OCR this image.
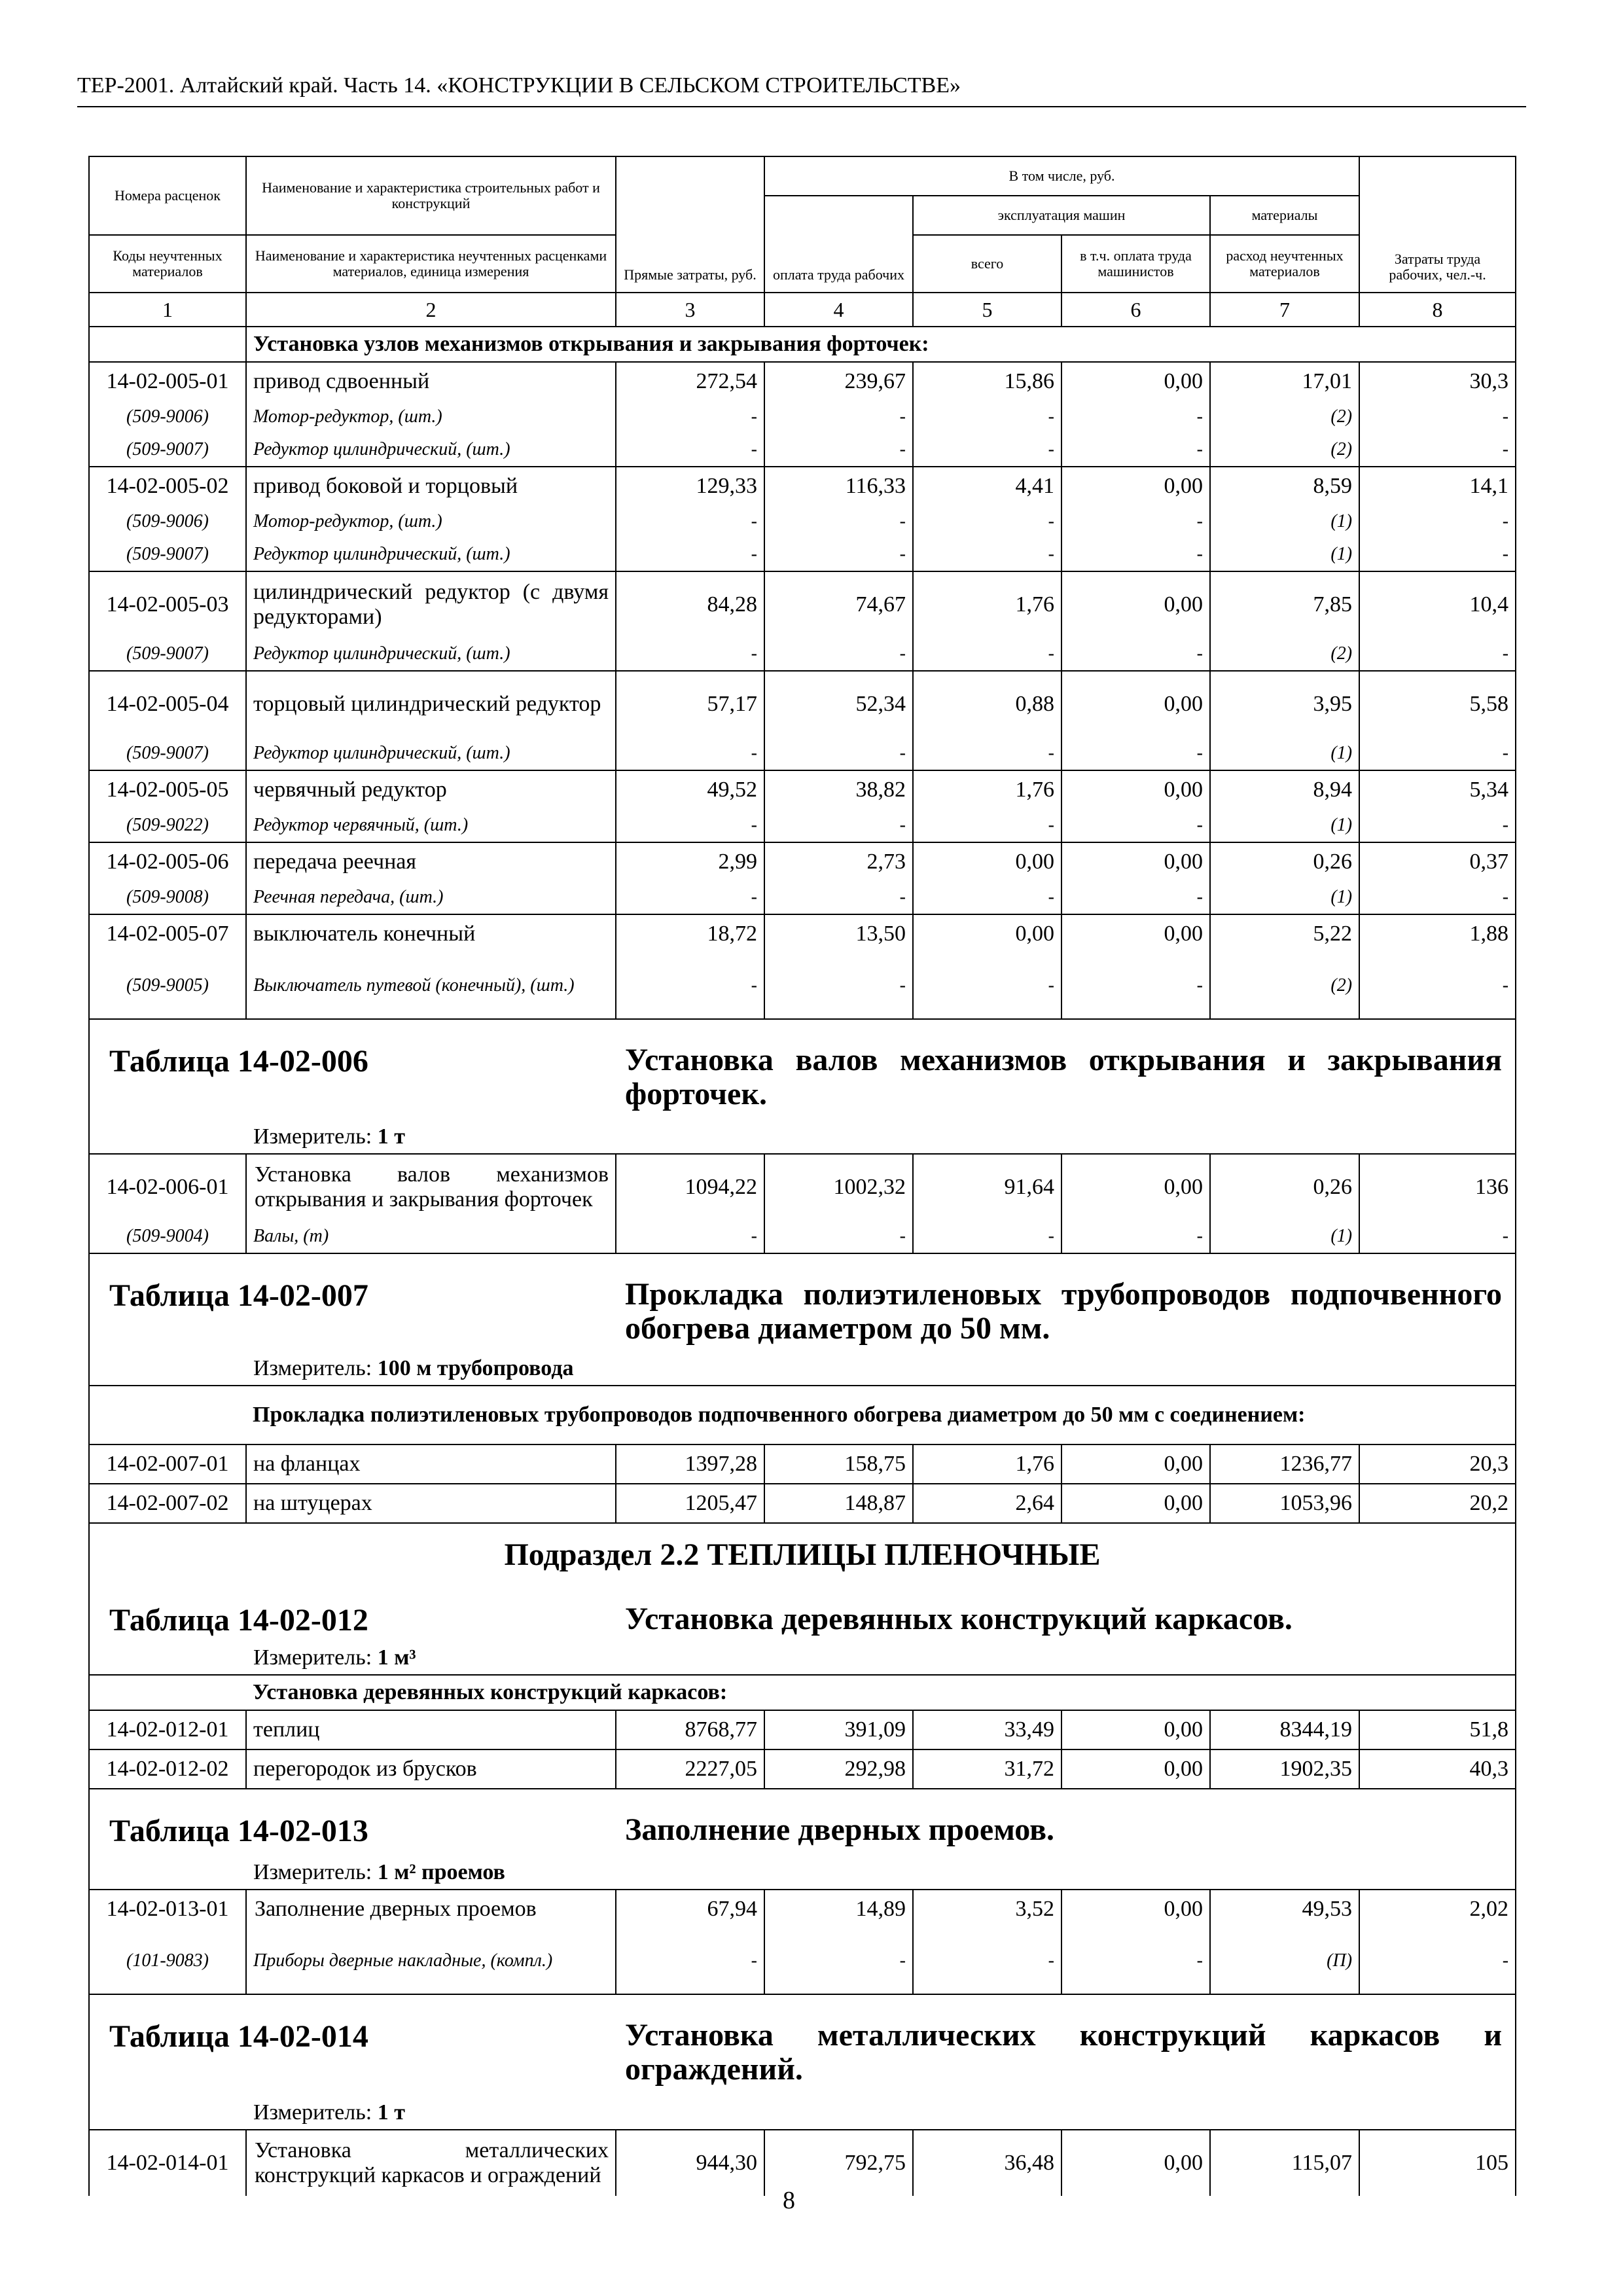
ТЕР-2001. Алтайский край. Часть 14. «КОНСТРУКЦИИ В СЕЛЬСКОМ СТРОИТЕЛЬСТВЕ»
Номера расценок	Наименование и характеристика строительных работ и конструкций	Прямые затраты, руб.	В том числе, руб.				Затраты труда рабочих, чел.-ч.
			оплата труда рабочих	эксплуатация машин		материалы	
Коды неучтенных материалов	Наименование и характеристика неучтенных расценками материалов, единица измерения			всего	в т.ч. оплата труда машинистов	расход неучтенных материалов	

1	2	3	4	5	6	7	8
	Установка узлов механизмов открывания и закрывания форточек:						
14-02-005-01	привод сдвоенный	272,54	239,67	15,86	0,00	17,01	30,3
(509-9006)	Мотор-редуктор, (шт.)	-	-	-	-	(2)	-
(509-9007)	Редуктор цилиндрический, (шт.)	-	-	-	-	(2)	-
14-02-005-02	привод боковой и торцовый	129,33	116,33	4,41	0,00	8,59	14,1
(509-9006)	Мотор-редуктор, (шт.)	-	-	-	-	(1)	-
(509-9007)	Редуктор цилиндрический, (шт.)	-	-	-	-	(1)	-
14-02-005-03	цилиндрический редуктор (с двумя редукторами)	84,28	74,67	1,76	0,00	7,85	10,4
(509-9007)	Редуктор цилиндрический, (шт.)	-	-	-	-	(2)	-
14-02-005-04	торцовый цилиндрический редуктор	57,17	52,34	0,88	0,00	3,95	5,58
(509-9007)	Редуктор цилиндрический, (шт.)	-	-	-	-	(1)	-
14-02-005-05	червячный редуктор	49,52	38,82	1,76	0,00	8,94	5,34
(509-9022)	Редуктор червячный, (шт.)	-	-	-	-	(1)	-
14-02-005-06	передача реечная	2,99	2,73	0,00	0,00	0,26	0,37
(509-9008)	Реечная передача, (шт.)	-	-	-	-	(1)	-
14-02-005-07	выключатель конечный	18,72	13,50	0,00	0,00	5,22	1,88
(509-9005)	Выключатель путевой (конечный), (шт.)	-	-	-	-	(2)	-

Таблица 14-02-006 Установка валов механизмов открывания и закрывания форточек.
Измеритель: 1 т							

14-02-006-01	Установка валов механизмов открывания и закрывания форточек	1094,22	1002,32	91,64	0,00	0,26	136
(509-9004)	Валы, (т)	-	-	-	-	(1)	-

Таблица 14-02-007 Прокладка полиэтиленовых трубопроводов подпочвенного обогрева диаметром до 50 мм.
Измеритель: 100 м трубопровода							

	Прокладка полиэтиленовых трубопроводов подпочвенного обогрева диаметром до 50 мм с соединением:						
14-02-007-01	на фланцах	1397,28	158,75	1,76	0,00	1236,77	20,3
14-02-007-02	на штуцерах	1205,47	148,87	2,64	0,00	1053,96	20,2

Подраздел 2.2 ТЕПЛИЦЫ ПЛЕНОЧНЫЕ
Таблица 14-02-012 Установка деревянных конструкций каркасов.
Измеритель: 1 м³							

	Установка деревянных конструкций каркасов:						
14-02-012-01	теплиц	8768,77	391,09	33,49	0,00	8344,19	51,8
14-02-012-02	перегородок из брусков	2227,05	292,98	31,72	0,00	1902,35	40,3

Таблица 14-02-013 Заполнение дверных проемов.
Измеритель: 1 м² проемов							

14-02-013-01	Заполнение дверных проемов	67,94	14,89	3,52	0,00	49,53	2,02
(101-9083)	Приборы дверные накладные, (компл.)	-	-	-	-	(П)	-

Таблица 14-02-014 Установка металлических конструкций каркасов и ограждений.
Измеритель: 1 т							

14-02-014-01	Установка металлических конструкций каркасов и ограждений	944,30	792,75	36,48	0,00	115,07	105
8
